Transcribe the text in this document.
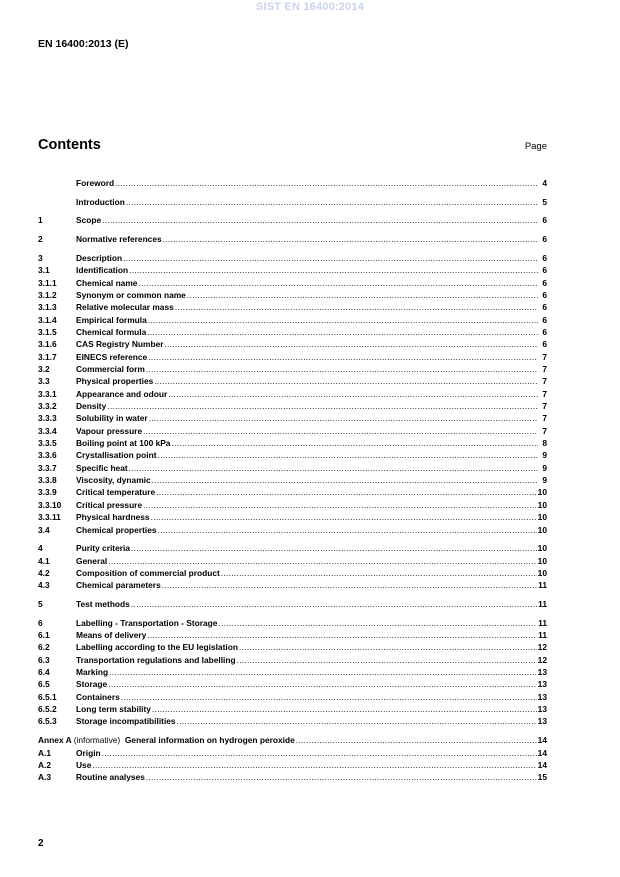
SIST EN 16400:2014
EN 16400:2013 (E)
Contents	Page
Foreword .....	4
Introduction .....	5
1	Scope .....	6
2	Normative references .....	6
3	Description .....	6
3.1	Identification .....	6
3.1.1	Chemical name .....	6
3.1.2	Synonym or common name .....	6
3.1.3	Relative molecular mass .....	6
3.1.4	Empirical formula .....	6
3.1.5	Chemical formula .....	6
3.1.6	CAS Registry Number .....	6
3.1.7	EINECS reference .....	7
3.2	Commercial form .....	7
3.3	Physical properties .....	7
3.3.1	Appearance and odour .....	7
3.3.2	Density .....	7
3.3.3	Solubility in water .....	7
3.3.4	Vapour pressure .....	7
3.3.5	Boiling point at 100 kPa .....	8
3.3.6	Crystallisation point .....	9
3.3.7	Specific heat .....	9
3.3.8	Viscosity, dynamic .....	9
3.3.9	Critical temperature .....	10
3.3.10	Critical pressure .....	10
3.3.11	Physical hardness .....	10
3.4	Chemical properties .....	10
4	Purity criteria .....	10
4.1	General .....	10
4.2	Composition of commercial product .....	10
4.3	Chemical parameters .....	11
5	Test methods .....	11
6	Labelling - Transportation - Storage .....	11
6.1	Means of delivery .....	11
6.2	Labelling according to the EU legislation .....	12
6.3	Transportation regulations and labelling .....	12
6.4	Marking .....	13
6.5	Storage .....	13
6.5.1	Containers .....	13
6.5.2	Long term stability .....	13
6.5.3	Storage incompatibilities .....	13
Annex A (informative) General information on hydrogen peroxide .....	14
A.1	Origin .....	14
A.2	Use .....	14
A.3	Routine analyses .....	15
2
